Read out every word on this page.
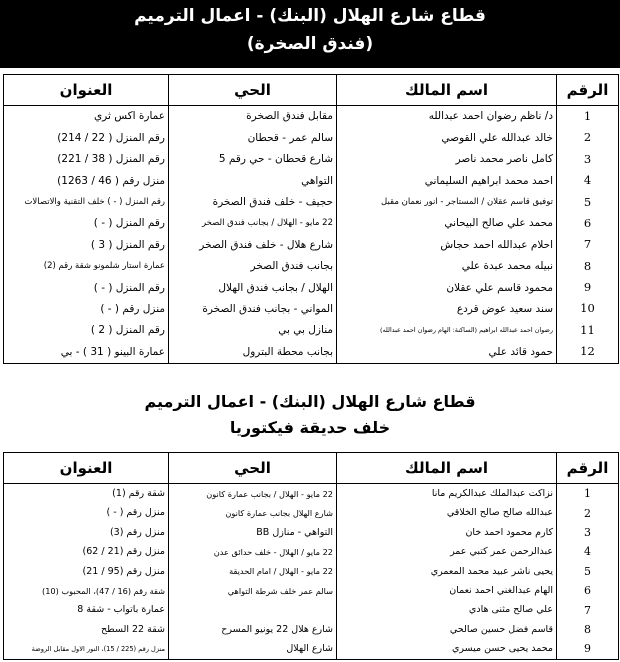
قطاع شارع الهلال (البنك) - اعمال الترميم
(فندق الصخرة)
الرقم	اسم المالك	الحي	العنوان
1	د/ ناظم رضوان احمد عبدالله	مقابل فندق الصخرة	عمارة اكس ثري
2	خالد عبدالله علي القوصي	سالم عمر - قحطان	رقم المنزل ( 22 / 214)
3	كامل ناصر محمد ناصر	شارع قحطان - حي رقم 5	رقم المنزل ( 38 / 221)
4	احمد محمد ابراهيم السليماني	التواهي	منزل رقم ( 46 / 1263)
5	توفيق قاسم عقلان / المستاجر - انور نعمان مقبل	حجيف - خلف فندق الصخرة	رقم المنزل ( - ) خلف التقنية والاتصالات
6	محمد علي صالح البيحاني	22 مايو - الهلال / بجانب فندق الصخر	رقم المنزل ( - )
7	احلام عبدالله احمد حجاش	شارع هلال - خلف فندق الصخر	رقم المنزل ( 3 )
8	نبيله محمد عبدة علي	بجانب فندق الصخر	عمارة استار شلمونو شقة رقم (2)
9	محمود قاسم علي عقلان	الهلال / بجانب فندق الهلال	رقم المنزل ( - )
10	سند سعيد عوض قردع	المواني - بجانب فندق الصخرة	منزل رقم ( - )
11	رضوان احمد عبدالله ابراهيم (الساكنة: الهام رضوان احمد عبدالله)	منازل بي بي	رقم المنزل ( 2 )
12	حمود قائد علي	بجانب محطة البترول	عمارة البينو ( 31 ) - بي
قطاع شارع الهلال (البنك) - اعمال الترميم
خلف حديقة فيكتوريا
الرقم	اسم المالك	الحي	العنوان
1	نزاكت عبدالملك عبدالكريم مانا	22 مايو - الهلال / بجانب عمارة كانون	شقة رقم (1)
2	عبدالله صالح صالح الخلاقي	شارع الهلال بجانب عمارة كانون	منزل رقم ( - )
3	كارم محمود احمد خان	التواهي - منازل BB	منزل رقم (3)
4	عبدالرحمن عمر كتبي عمر	22 مايو / الهلال - خلف حدائق عدن	منزل رقم (21 / 62)
5	يحيى ناشر عبيد محمد المعمري	22 مايو - الهلال / امام الحديقة	منزل رقم (95 / 21)
6	الهام عبدالغني احمد نعمان	سالم عمر خلف شرطة التواهي	شقة رقم (16 / 47)، المحبوب (10)
7	علي صالح مثنى هادي		عمارة باتواب - شقة 8
8	قاسم فضل حسين صالحي	شارع هلال 22 يونيو المسرح	شقة 22 السطح
9	محمد يحيى حسن ميسري	شارع الهلال	منزل رقم (225 / 15)، النور الاول مقابل الروضة
